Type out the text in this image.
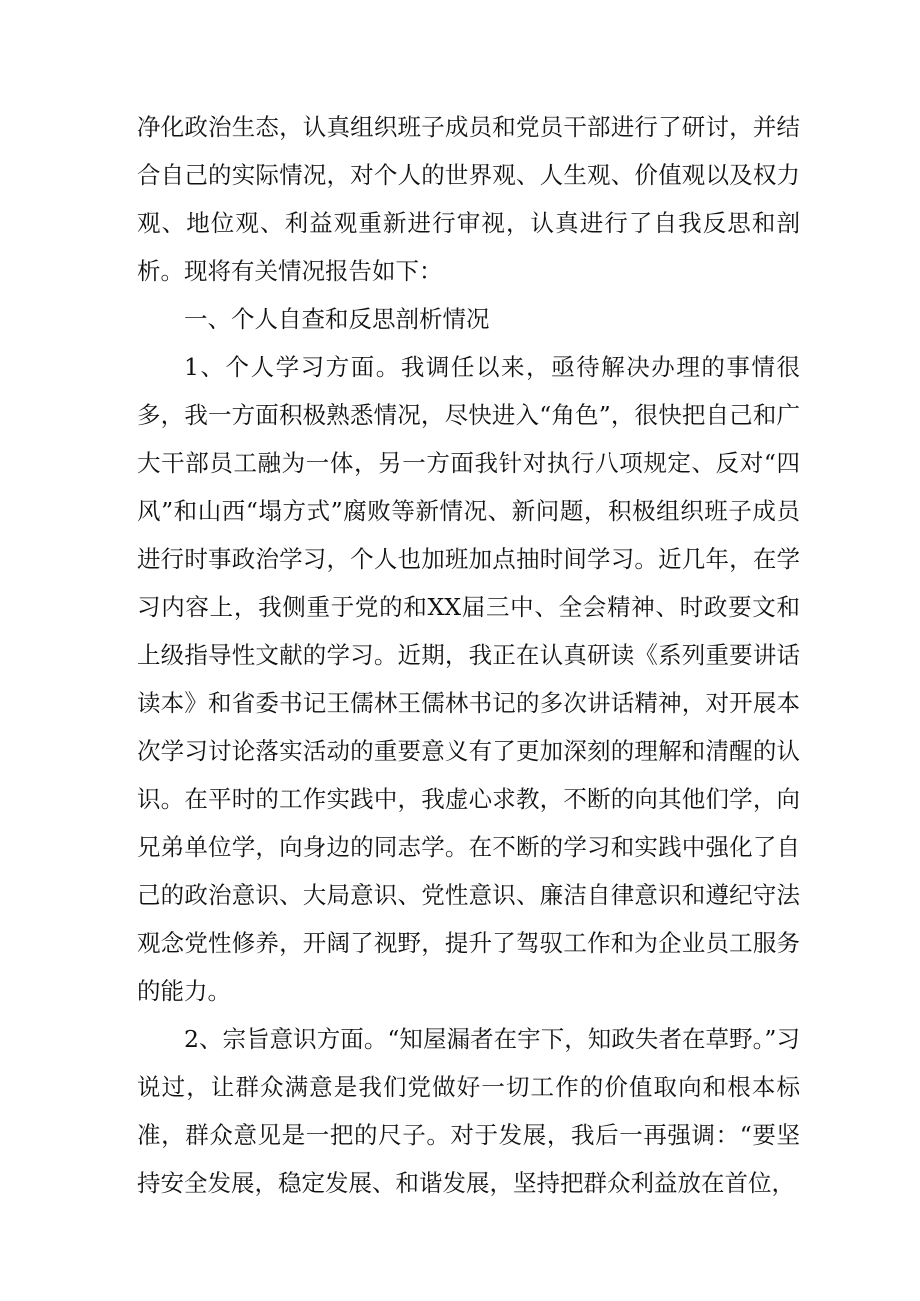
净化政治生态，认真组织班子成员和党员干部进行了研讨，并结合自己的实际情况，对个人的世界观、人生观、价值观以及权力观、地位观、利益观重新进行审视，认真进行了自我反思和剖析。现将有关情况报告如下：

一、个人自查和反思剖析情况

1、个人学习方面。我调任以来，亟待解决办理的事情很多，我一方面积极熟悉情况，尽快进入“角色”，很快把自己和广大干部员工融为一体，另一方面我针对执行八项规定、反对“四风”和山西“塌方式”腐败等新情况、新问题，积极组织班子成员进行时事政治学习，个人也加班加点抽时间学习。近几年，在学习内容上，我侧重于党的和XX届三中、全会精神、时政要文和上级指导性文献的学习。近期，我正在认真研读《系列重要讲话读本》和省委书记王儒林王儒林书记的多次讲话精神，对开展本次学习讨论落实活动的重要意义有了更加深刻的理解和清醒的认识。在平时的工作实践中，我虚心求教，不断的向其他们学，向兄弟单位学，向身边的同志学。在不断的学习和实践中强化了自己的政治意识、大局意识、党性意识、廉洁自律意识和遵纪守法观念党性修养，开阔了视野，提升了驾驭工作和为企业员工服务的能力。

2、宗旨意识方面。“知屋漏者在宇下，知政失者在草野。”习说过，让群众满意是我们党做好一切工作的价值取向和根本标准，群众意见是一把的尺子。对于发展，我后一再强调：“要坚持安全发展，稳定发展、和谐发展，坚持把群众利益放在首位，
